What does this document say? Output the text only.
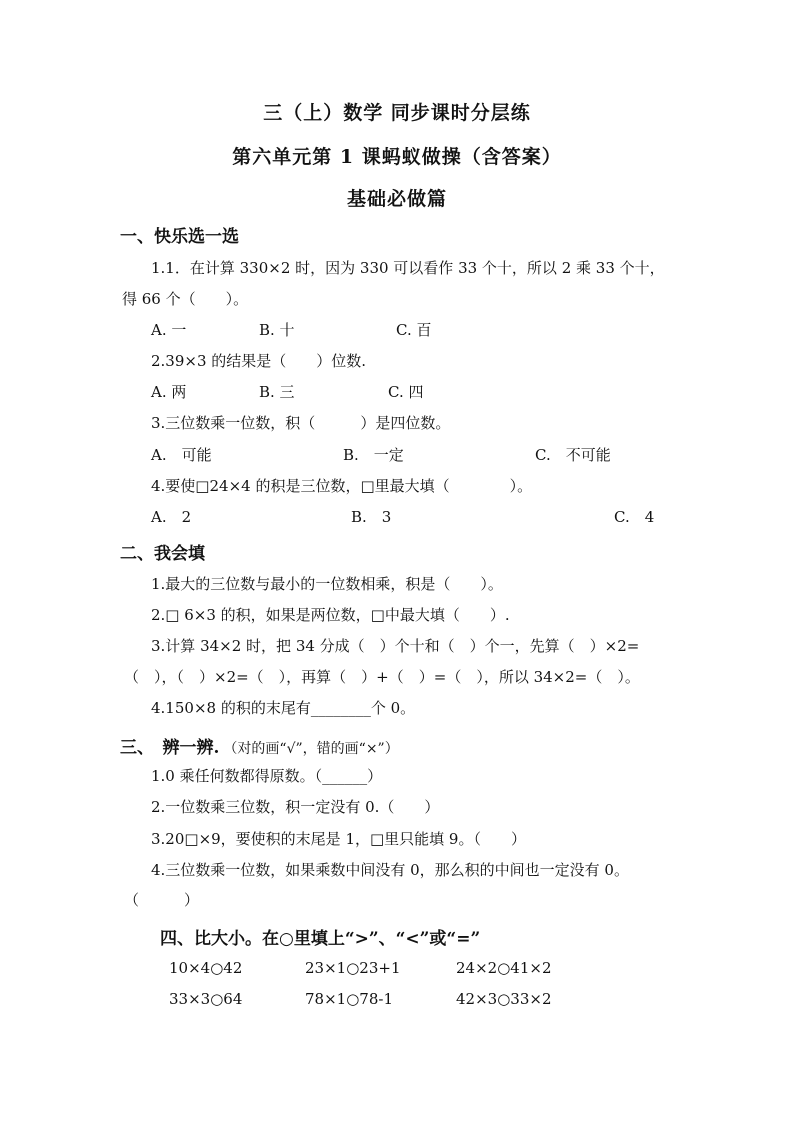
三（上）数学 同步课时分层练
第六单元第 1 课蚂蚁做操（含答案）
基础必做篇
一、快乐选一选
1.1．在计算 330×2 时，因为 330 可以看作 33 个十，所以 2 乘 33 个十，
得 66 个（　　）。
A. 一	B. 十	C. 百
2.39×3 的结果是（　　）位数.
A. 两	B. 三	C. 四
3.三位数乘一位数，积（　　　）是四位数。
A.　可能	B.　一定	C.　不可能
4.要使□24×4 的积是三位数，□里最大填（　　　　）。
A.　2	B.　3	C.　4
二、我会填
1.最大的三位数与最小的一位数相乘，积是（　　）。
2.□ 6×3 的积，如果是两位数，□中最大填（　　）.
3.计算 34×2 时，把 34 分成（　）个十和（　）个一，先算（　）×2=
（　），（　）×2=（　），再算（　）+（　）=（　），所以 34×2=（　）。
4.150×8 的积的末尾有________个 0。
三、　辨一辨. （对的画“√”，错的画“×”）
1.0 乘任何数都得原数。（______）
2.一位数乘三位数，积一定没有 0.（　　）
3.20□×9，要使积的末尾是 1，□里只能填 9。（　　）
4.三位数乘一位数，如果乘数中间没有 0，那么积的中间也一定没有 0。
（　　　）
四、比大小。在○里填上“>”、“<”或“=”
10×4○42	23×1○23+1	24×2○41×2
33×3○64	78×1○78-1	42×3○33×2
